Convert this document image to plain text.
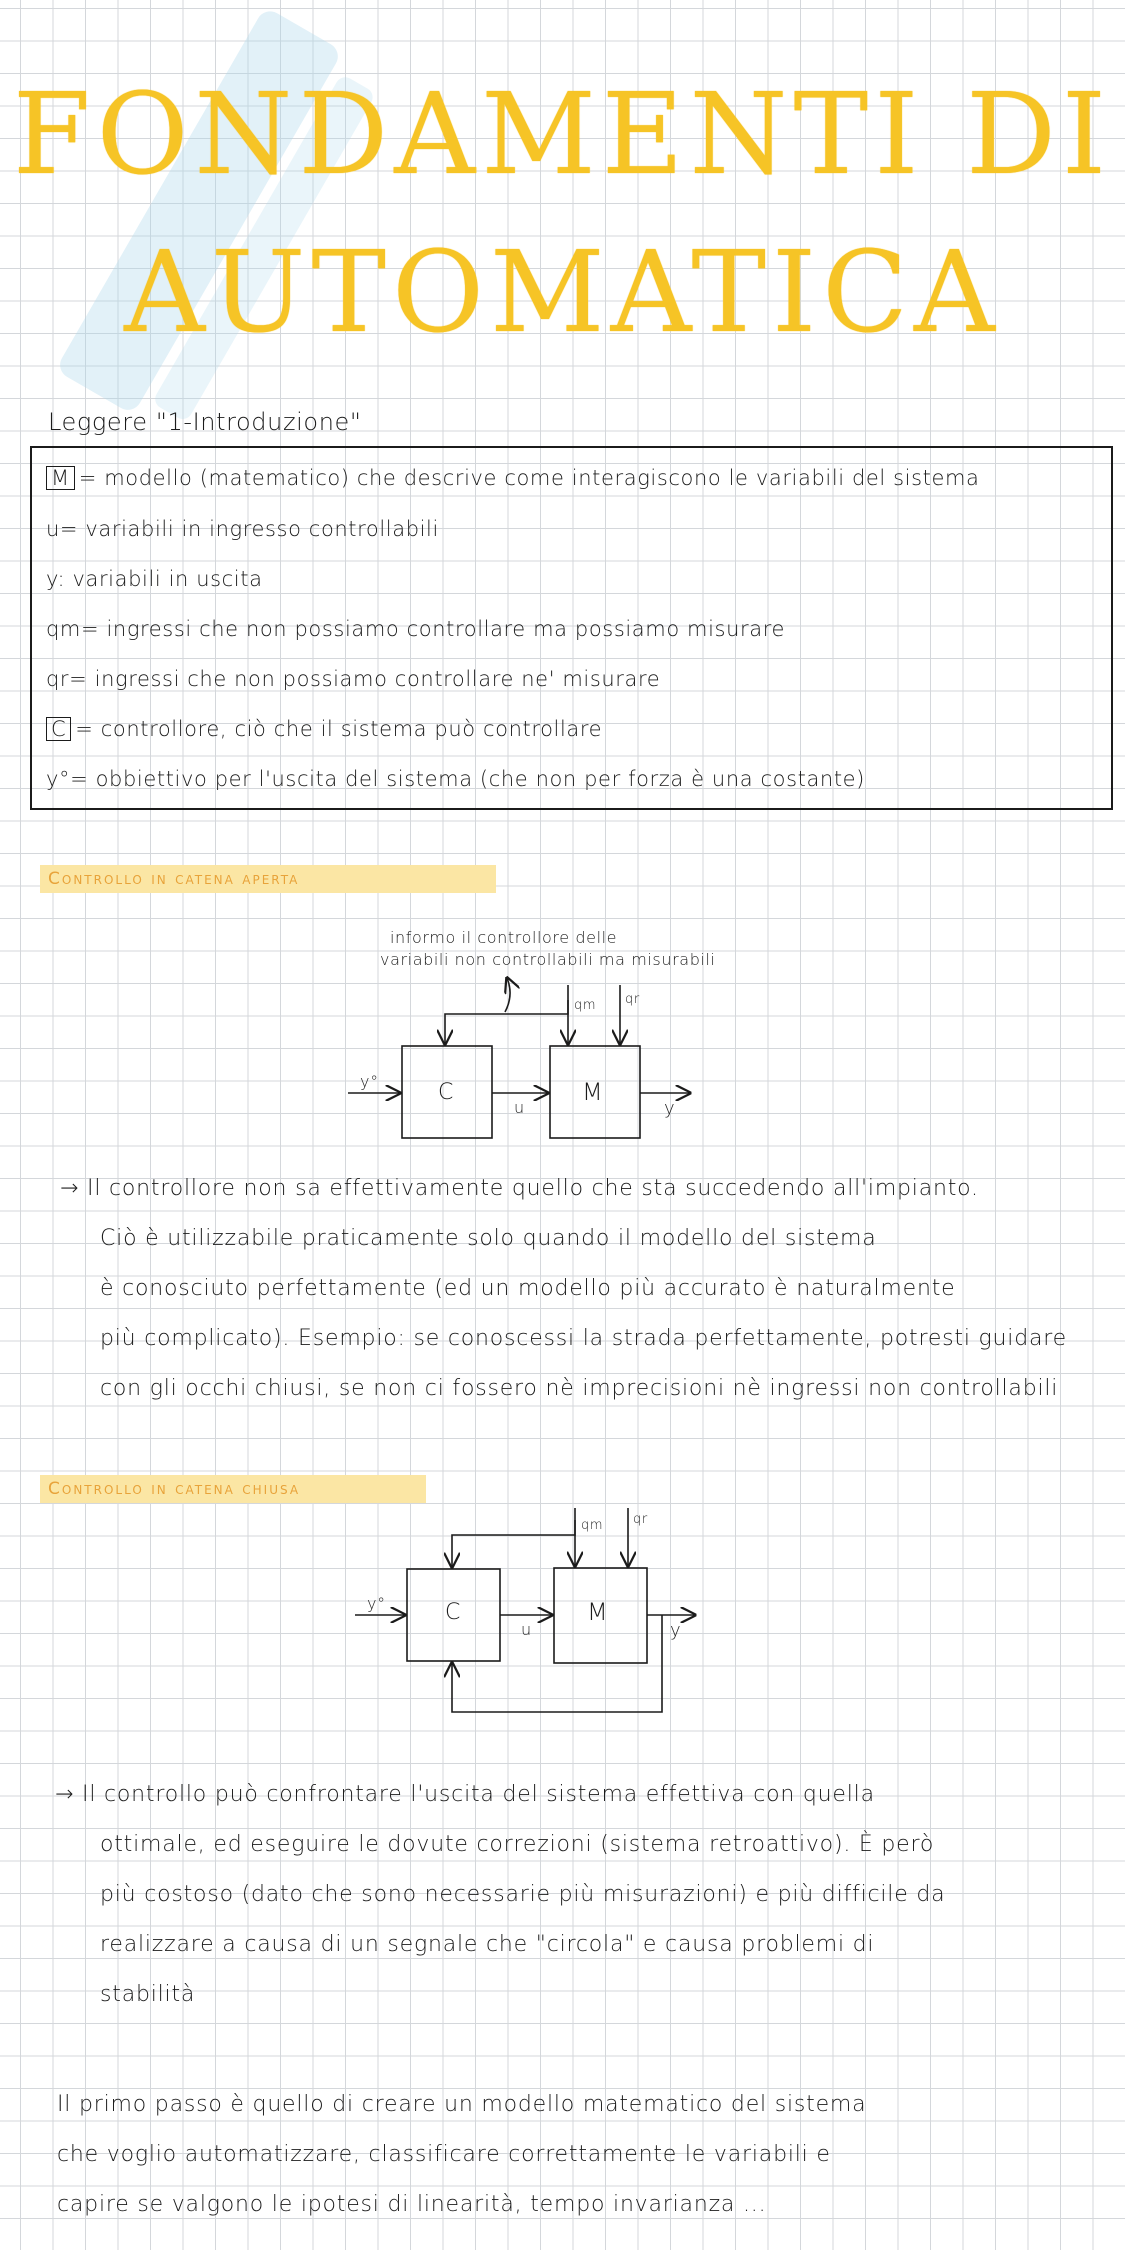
FONDAMENTI DI
AUTOMATICA
Leggere "1-Introduzione"
M = modello (matematico) che descrive come interagiscono le variabili del sistema
u= variabili in ingresso controllabili
y: variabili in uscita
qm= ingressi che non possiamo controllare ma possiamo misurare
qr= ingressi che non possiamo controllare ne' misurare
C = controllore, ciò che il sistema può controllare
y°= obbiettivo per l'uscita del sistema (che non per forza è una costante)
Controllo in catena aperta
informo il controllore delle
variabili non controllabili ma misurabili
y°	C
u
M
y
qm qr
→ Il controllore non sa effettivamente quello che sta succedendo all'impianto.
Ciò è utilizzabile praticamente solo quando il modello del sistema
è conosciuto perfettamente (ed un modello più accurato è naturalmente
più complicato). Esempio: se conoscessi la strada perfettamente, potresti guidare
con gli occhi chiusi, se non ci fossero nè imprecisioni nè ingressi non controllabili
Controllo in catena chiusa
y°	C
u
M
y
qm qr
→ Il controllo può confrontare l'uscita del sistema effettiva con quella
ottimale, ed eseguire le dovute correzioni (sistema retroattivo). È però
più costoso (dato che sono necessarie più misurazioni) e più difficile da
realizzare a causa di un segnale che "circola" e causa problemi di
stabilità
Il primo passo è quello di creare un modello matematico del sistema
che voglio automatizzare, classificare correttamente le variabili e
capire se valgono le ipotesi di linearità, tempo invarianza ...
